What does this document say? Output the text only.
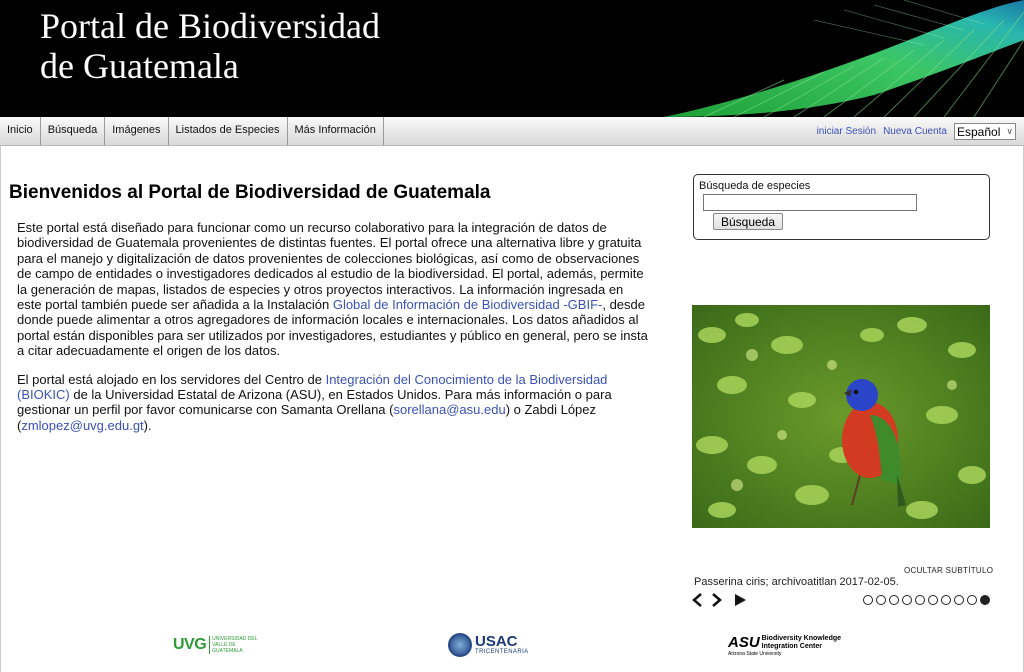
Portal de Biodiversidad
de Guatemala
Inicio	Búsqueda	Imágenes	Listados de Especies	Más Información	iniciar Sesión Nueva Cuenta Español ∨
Bienvenidos al Portal de Biodiversidad de Guatemala

Este portal está diseñado para funcionar como un recurso colaborativo para la integración de datos de biodiversidad de Guatemala provenientes de distintas fuentes. El portal ofrece una alternativa libre y gratuita para el manejo y digitalización de datos provenientes de colecciones biológicas, así como de observaciones de campo de entidades o investigadores dedicados al estudio de la biodiversidad. El portal, además, permite la generación de mapas, listados de especies y otros proyectos interactivos. La información ingresada en este portal también puede ser añadida a la Instalación Global de Información de Biodiversidad -GBIF-, desde donde puede alimentar a otros agregadores de información locales e internacionales. Los datos añadidos al portal están disponibles para ser utilizados por investigadores, estudiantes y público en general, pero se insta a citar adecuadamente el origen de los datos.

El portal está alojado en los servidores del Centro de Integración del Conocimiento de la Biodiversidad (BIOKIC) de la Universidad Estatal de Arizona (ASU), en Estados Unidos. Para más información o para gestionar un perfil por favor comunicarse con Samanta Orellana (sorellana@asu.edu) o Zabdi López (zmlopez@uvg.edu.gt).

Búsqueda de especies
Búsqueda
OCULTAR SUBTÍTULO
Passerina ciris; archivoatitlan 2017-02-05.
UVG	UNIVERSIDAD DEL VALLE DE GUATEMALA
USAC
TRICENTENARIA
ASU Biodiversity Knowledge Integration Center
Arizona State University
